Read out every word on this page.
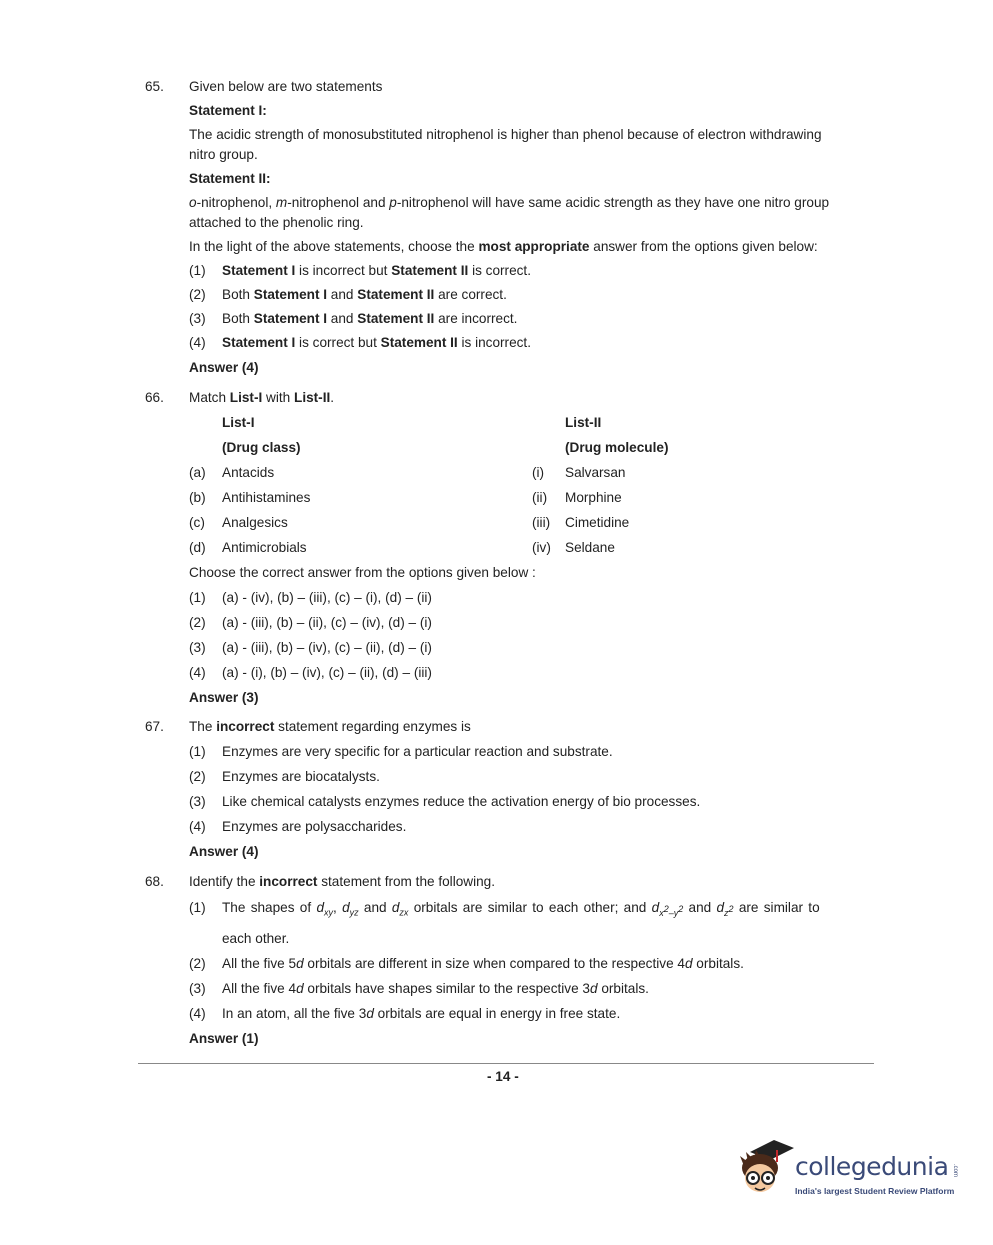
65. Given below are two statements
Statement I:
The acidic strength of monosubstituted nitrophenol is higher than phenol because of electron withdrawing
nitro group.
Statement II:
o-nitrophenol, m-nitrophenol and p-nitrophenol will have same acidic strength as they have one nitro group
attached to the phenolic ring.
In the light of the above statements, choose the most appropriate answer from the options given below:
(1) Statement I is incorrect but Statement II is correct.
(2) Both Statement I and Statement II are correct.
(3) Both Statement I and Statement II are incorrect.
(4) Statement I is correct but Statement II is incorrect.
Answer (4)
66. Match List-I with List-II.
List-I	List-II
(Drug class)	(Drug molecule)
(a) Antacids	(i) Salvarsan
(b) Antihistamines	(ii) Morphine
(c) Analgesics	(iii) Cimetidine
(d) Antimicrobials	(iv) Seldane
Choose the correct answer from the options given below :
(1) (a) - (iv), (b) – (iii), (c) – (i), (d) – (ii)
(2) (a) - (iii), (b) – (ii), (c) – (iv), (d) – (i)
(3) (a) - (iii), (b) – (iv), (c) – (ii), (d) – (i)
(4) (a) - (i), (b) – (iv), (c) – (ii), (d) – (iii)
Answer (3)
67. The incorrect statement regarding enzymes is
(1) Enzymes are very specific for a particular reaction and substrate.
(2) Enzymes are biocatalysts.
(3) Like chemical catalysts enzymes reduce the activation energy of bio processes.
(4) Enzymes are polysaccharides.
Answer (4)
68. Identify the incorrect statement from the following.
(1) The shapes of $d_{xy}$, $d_{yz}$ and $d_{zx}$ orbitals are similar to each other; and $d_{x^2-y^2}$ and $d_{z^2}$ are similar to
each other.
(2) All the five 5d orbitals are different in size when compared to the respective 4d orbitals.
(3) All the five 4d orbitals have shapes similar to the respective 3d orbitals.
(4) In an atom, all the five 3d orbitals are equal in energy in free state.
Answer (1)
- 14 -
collegedunia .com
India's largest Student Review Platform
